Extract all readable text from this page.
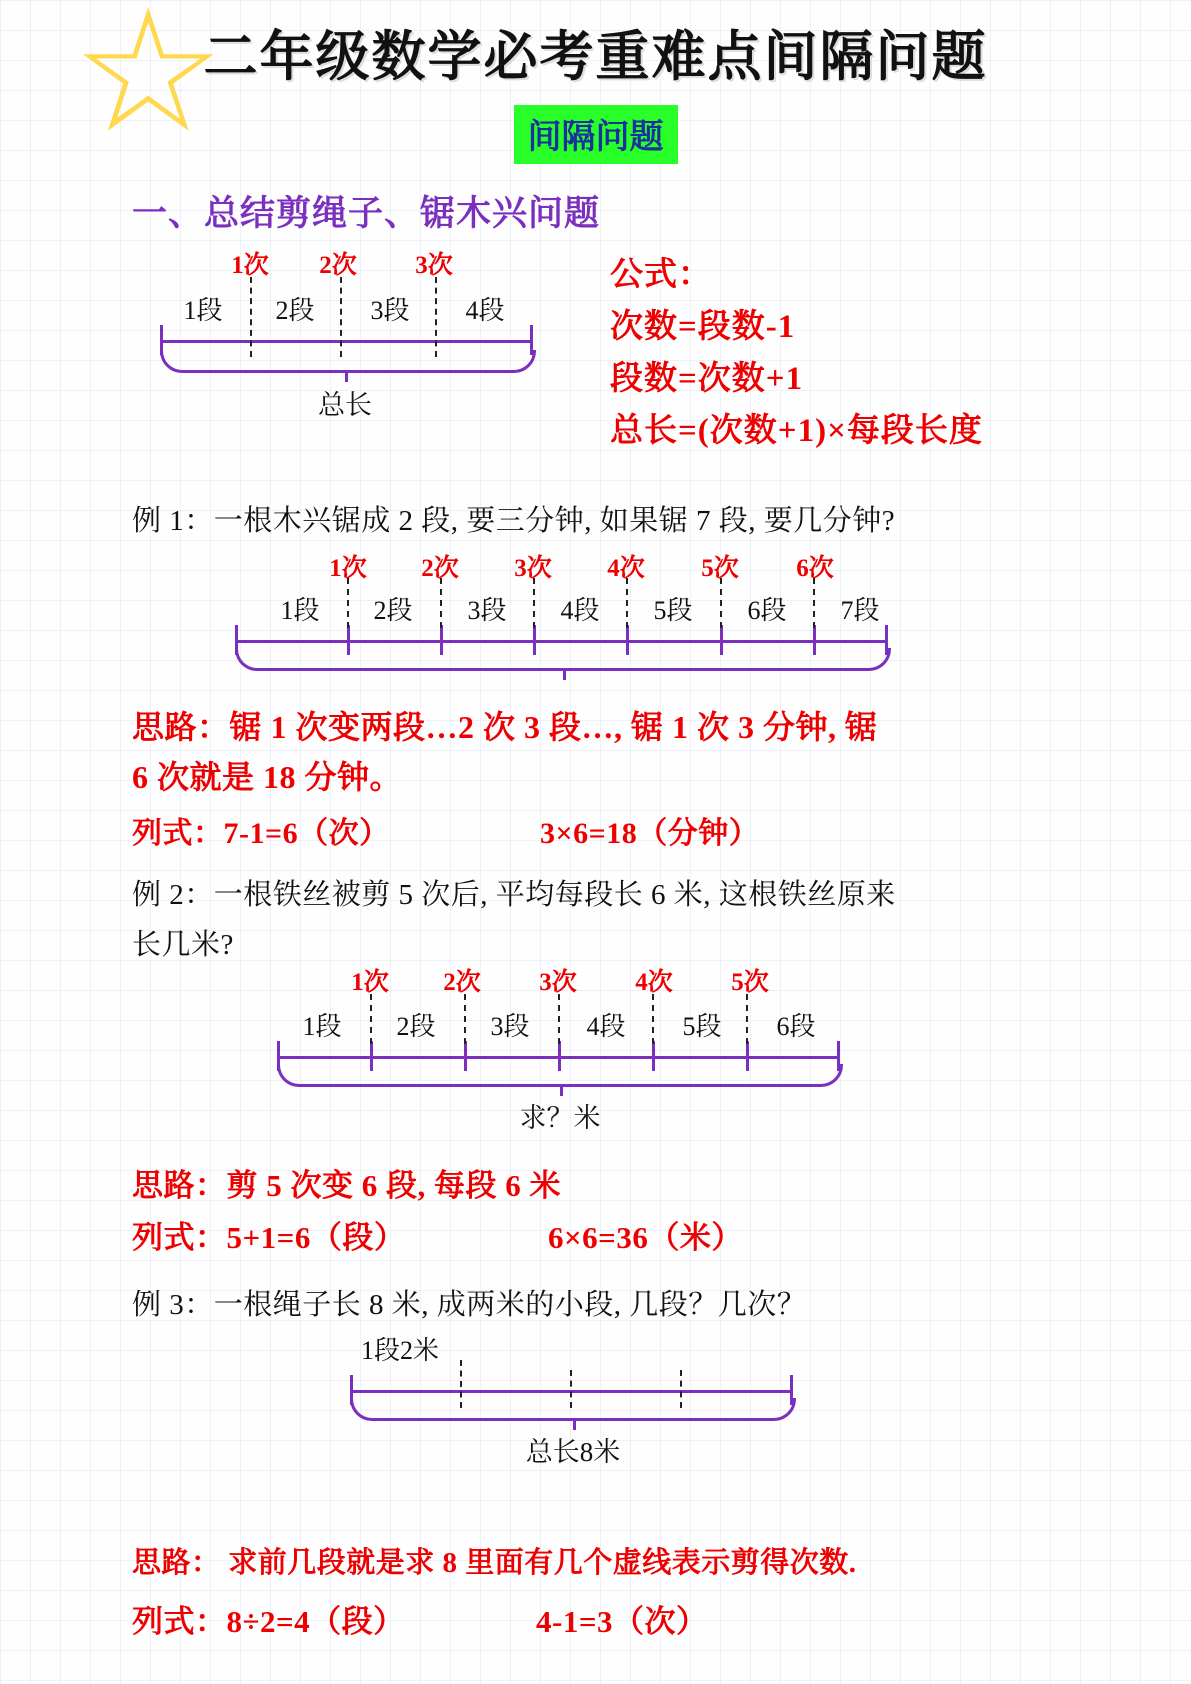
☆
二年级数学必考重难点间隔问题
间隔问题
一、总结剪绳子、锯木兴问题
1次 2次 3次
1段 2段 3段 4段
总长
公式：
次数=段数-1
段数=次数+1
总长=(次数+1)×每段长度
例 1：一根木兴锯成 2 段, 要三分钟, 如果锯 7 段, 要几分钟?
1次 2次 3次 4次 5次 6次
1段 2段 3段 4段 5段 6段 7段
思路：锯 1 次变两段…2 次 3 段…, 锯 1 次 3 分钟, 锯
6 次就是 18 分钟。
列式：7-1=6（次）	3×6=18（分钟）
例 2：一根铁丝被剪 5 次后, 平均每段长 6 米, 这根铁丝原来
长几米?
1次 2次 3次 4次 5次
1段 2段 3段 4段 5段 6段
求？米
思路：剪 5 次变 6 段, 每段 6 米
列式：5+1=6（段）	6×6=36（米）
例 3：一根绳子长 8 米, 成两米的小段, 几段？几次？
1段2米
总长8米
思路： 求前几段就是求 8 里面有几个虚线表示剪得次数.
列式：8÷2=4（段）	4-1=3（次）
